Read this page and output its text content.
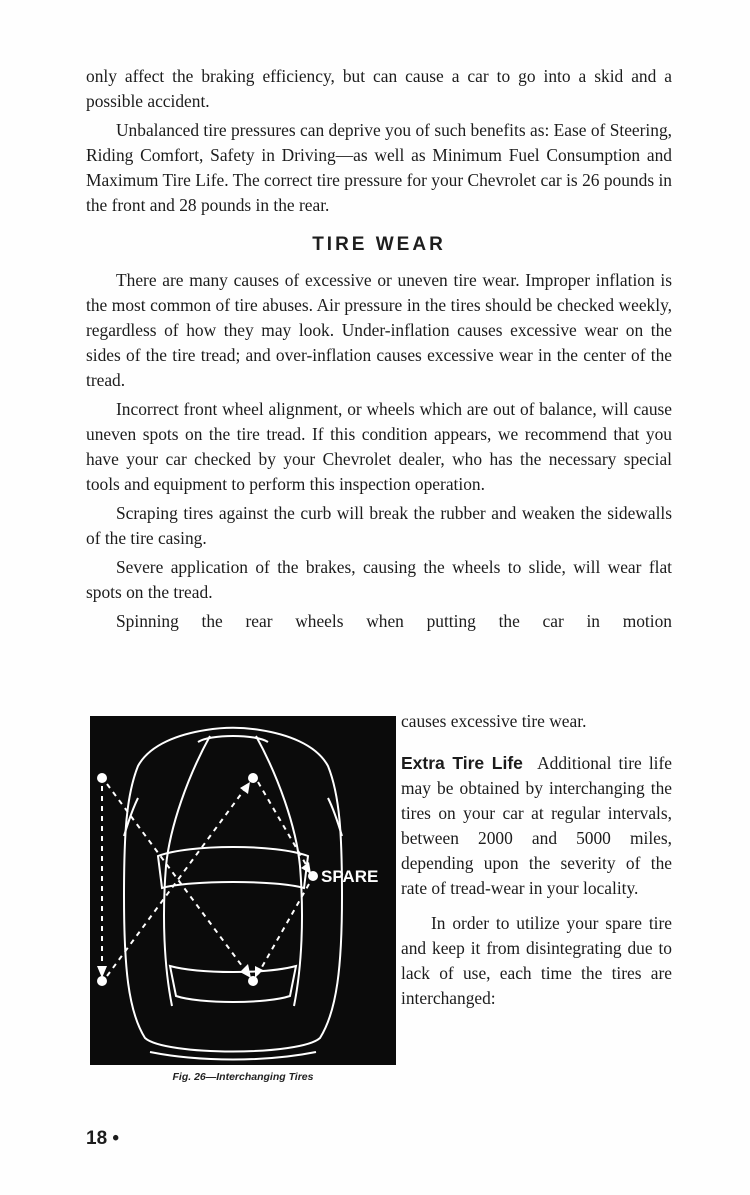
only affect the braking efficiency, but can cause a car to go into a skid and a possible accident.

Unbalanced tire pressures can deprive you of such benefits as: Ease of Steering, Riding Comfort, Safety in Driving—as well as Minimum Fuel Consumption and Maximum Tire Life. The correct tire pressure for your Chevrolet car is 26 pounds in the front and 28 pounds in the rear.

TIRE WEAR

There are many causes of excessive or uneven tire wear. Improper inflation is the most common of tire abuses. Air pressure in the tires should be checked weekly, regardless of how they may look. Under-inflation causes excessive wear on the sides of the tire tread; and over-inflation causes excessive wear in the center of the tread.

Incorrect front wheel alignment, or wheels which are out of balance, will cause uneven spots on the tire tread. If this condition appears, we recommend that you have your car checked by your Chevrolet dealer, who has the necessary special tools and equipment to perform this inspection operation.

Scraping tires against the curb will break the rubber and weaken the sidewalls of the tire casing.

Severe application of the brakes, causing the wheels to slide, will wear flat spots on the tread.

Spinning the rear wheels when putting the car in motion

causes excessive tire wear.

SPARE
Fig. 26—Interchanging Tires

Extra Tire Life Additional tire life may be obtained by interchanging the tires on your car at regular intervals, between 2000 and 5000 miles, depending upon the severity of the rate of tread-wear in your locality.

In order to utilize your spare tire and keep it from disintegrating due to lack of use, each time the tires are interchanged:

18 •
